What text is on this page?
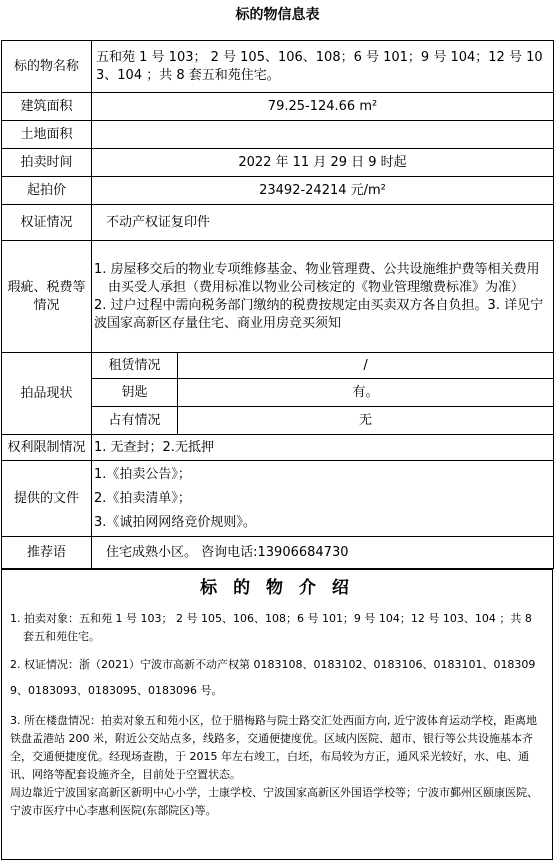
标的物信息表
标的物名称	五和苑 1 号 103； 2 号 105、106、108；6 号 101；9 号 104；12 号 103、104 ；共 8 套五和苑住宅。	
建筑面积	79.25-124.66 m²	
土地面积		
拍卖时间	2022 年 11 月 29 日 9 时起	
起拍价	23492-24214 元/m²	
权证情况	不动产权证复印件	
瑕疵、税费等情况	1. 房屋移交后的物业专项维修基金、物业管理费、公共设施维护费等相关费用由买受人承担（费用标准以物业公司核定的《物业管理缴费标准》为准）
2. 过户过程中需向税务部门缴纳的税费按规定由买卖双方各自负担。3. 详见宁波国家高新区存量住宅、商业用房竞买须知	

拍品现状	租赁情况	/
	钥匙	有。
	占有情况	无
权利限制情况	1. 无查封；2.无抵押	
提供的文件	1.《拍卖公告》；
2.《拍卖清单》；
3.《诚拍网网络竞价规则》。	

推荐语	住宅成熟小区。 咨询电话:13906684730	
标 的 物 介 绍

1. 拍卖对象：五和苑 1 号 103； 2 号 105、106、108；6 号 101；9 号 104；12 号 103、104 ；共 8 套五和苑住宅。

2. 权证情况：浙（2021）宁波市高新不动产权第 0183108、0183102、0183106、0183101、0183099、0183093、0183095、0183096 号。

3. 所在楼盘情况：拍卖对象五和苑小区，位于腊梅路与院士路交汇处西面方向, 近宁波体育运动学校，距离地铁盘孟港站 200 米，附近公交站点多，线路多，交通便捷度优。区域内医院、超市、银行等公共设施基本齐全，交通便捷度优。经现场查勘，于 2015 年左右竣工，白坯，布局较为方正，通风采光较好，水、电、通讯、网络等配套设施齐全，目前处于空置状态。

周边靠近宁波国家高新区新明中心小学，士康学校、宁波国家高新区外国语学校等；宁波市鄞州区颐康医院、宁波市医疗中心李惠利医院(东部院区)等。
